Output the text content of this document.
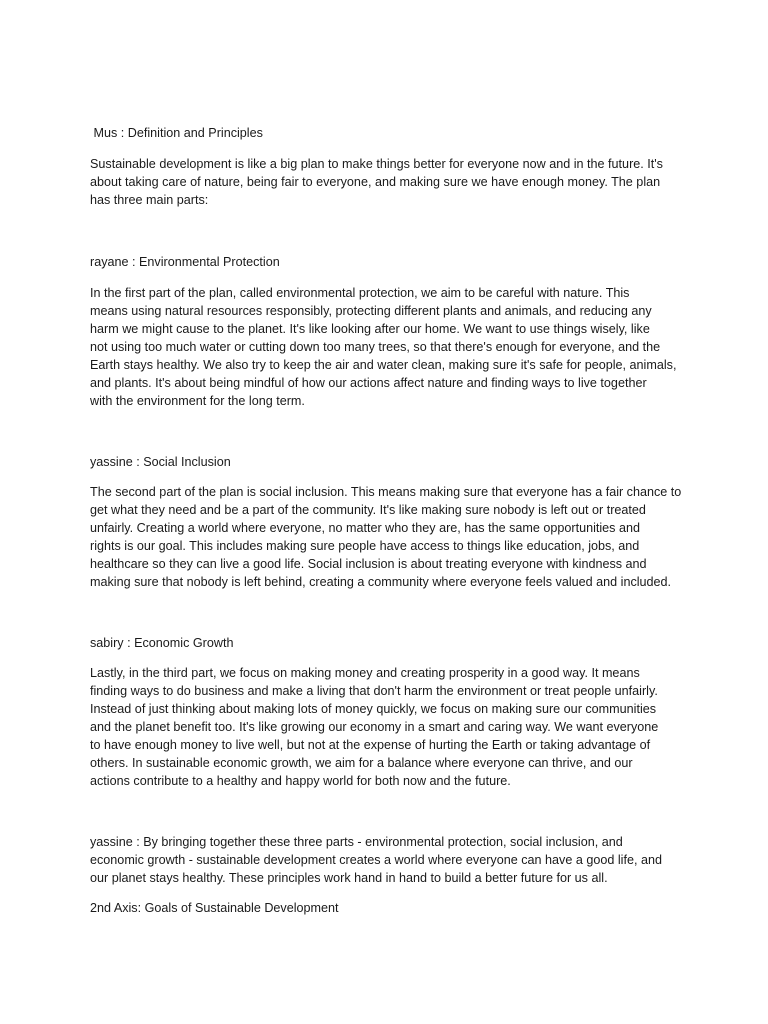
Mus : Definition and Principles

Sustainable development is like a big plan to make things better for everyone now and in the future. It's
about taking care of nature, being fair to everyone, and making sure we have enough money. The plan
has three main parts:

rayane : Environmental Protection

In the first part of the plan, called environmental protection, we aim to be careful with nature. This
means using natural resources responsibly, protecting different plants and animals, and reducing any
harm we might cause to the planet. It's like looking after our home. We want to use things wisely, like
not using too much water or cutting down too many trees, so that there's enough for everyone, and the
Earth stays healthy. We also try to keep the air and water clean, making sure it's safe for people, animals,
and plants. It's about being mindful of how our actions affect nature and finding ways to live together
with the environment for the long term.

yassine : Social Inclusion

The second part of the plan is social inclusion. This means making sure that everyone has a fair chance to
get what they need and be a part of the community. It's like making sure nobody is left out or treated
unfairly. Creating a world where everyone, no matter who they are, has the same opportunities and
rights is our goal. This includes making sure people have access to things like education, jobs, and
healthcare so they can live a good life. Social inclusion is about treating everyone with kindness and
making sure that nobody is left behind, creating a community where everyone feels valued and included.

sabiry : Economic Growth

Lastly, in the third part, we focus on making money and creating prosperity in a good way. It means
finding ways to do business and make a living that don't harm the environment or treat people unfairly.
Instead of just thinking about making lots of money quickly, we focus on making sure our communities
and the planet benefit too. It's like growing our economy in a smart and caring way. We want everyone
to have enough money to live well, but not at the expense of hurting the Earth or taking advantage of
others. In sustainable economic growth, we aim for a balance where everyone can thrive, and our
actions contribute to a healthy and happy world for both now and the future.

yassine : By bringing together these three parts - environmental protection, social inclusion, and
economic growth - sustainable development creates a world where everyone can have a good life, and
our planet stays healthy. These principles work hand in hand to build a better future for us all.

2nd Axis: Goals of Sustainable Development
